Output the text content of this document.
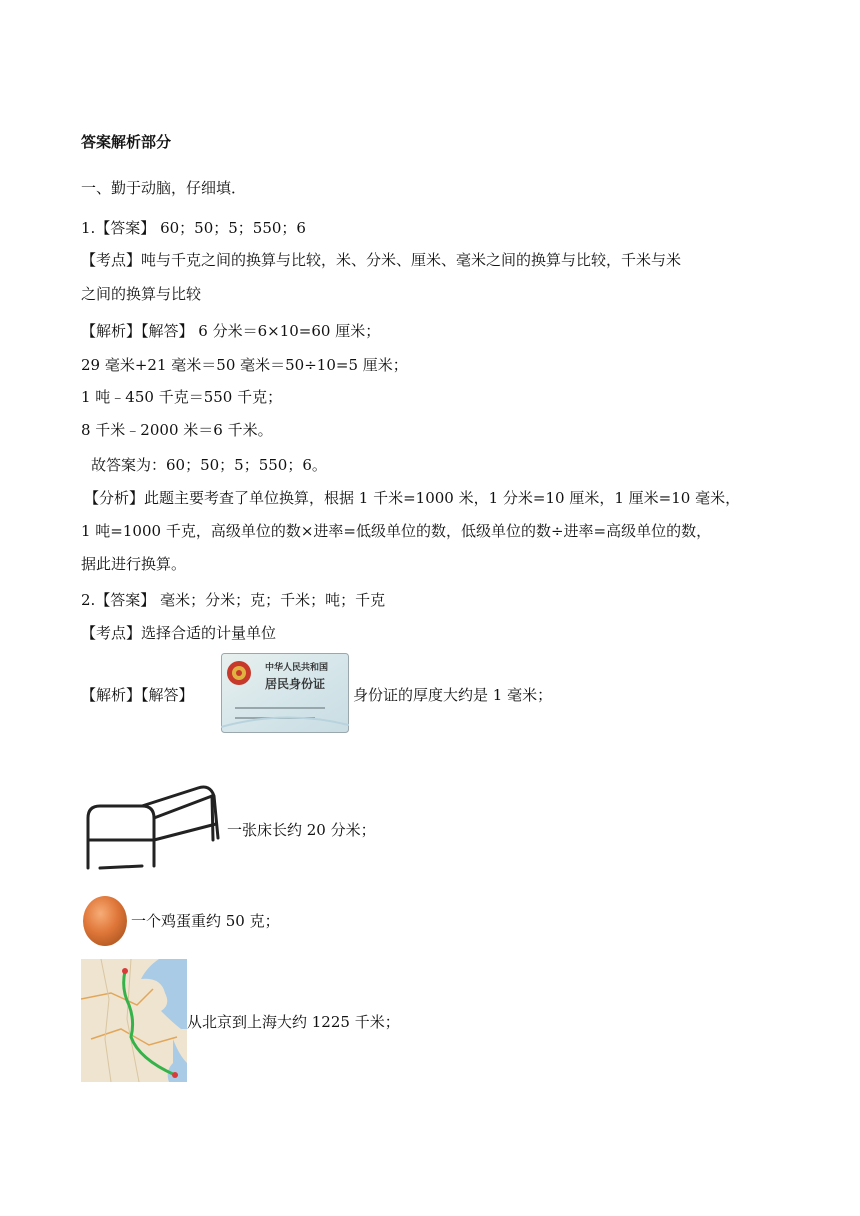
答案解析部分
一、勤于动脑，仔细填．
1.【答案】 60；50；5；550；6
【考点】吨与千克之间的换算与比较，米、分米、厘米、毫米之间的换算与比较，千米与米
之间的换算与比较
【解析】【解答】 6 分米＝6×10=60 厘米；
29 毫米+21 毫米＝50 毫米＝50÷10=5 厘米；
1 吨﹣450 千克＝550 千克；
8 千米﹣2000 米＝6 千米。
故答案为：60；50；5；550；6。
【分析】此题主要考查了单位换算，根据 1 千米=1000 米，1 分米=10 厘米，1 厘米=10 毫米，
1 吨=1000 千克，高级单位的数×进率=低级单位的数，低级单位的数÷进率=高级单位的数，
据此进行换算。
2.【答案】 毫米；分米；克；千米；吨；千克
【考点】选择合适的计量单位
【解析】【解答】
中华人民共和国
居民身份证
身份证的厚度大约是 1 毫米；
一张床长约 20 分米；
一个鸡蛋重约 50 克；
从北京到上海大约 1225 千米；
